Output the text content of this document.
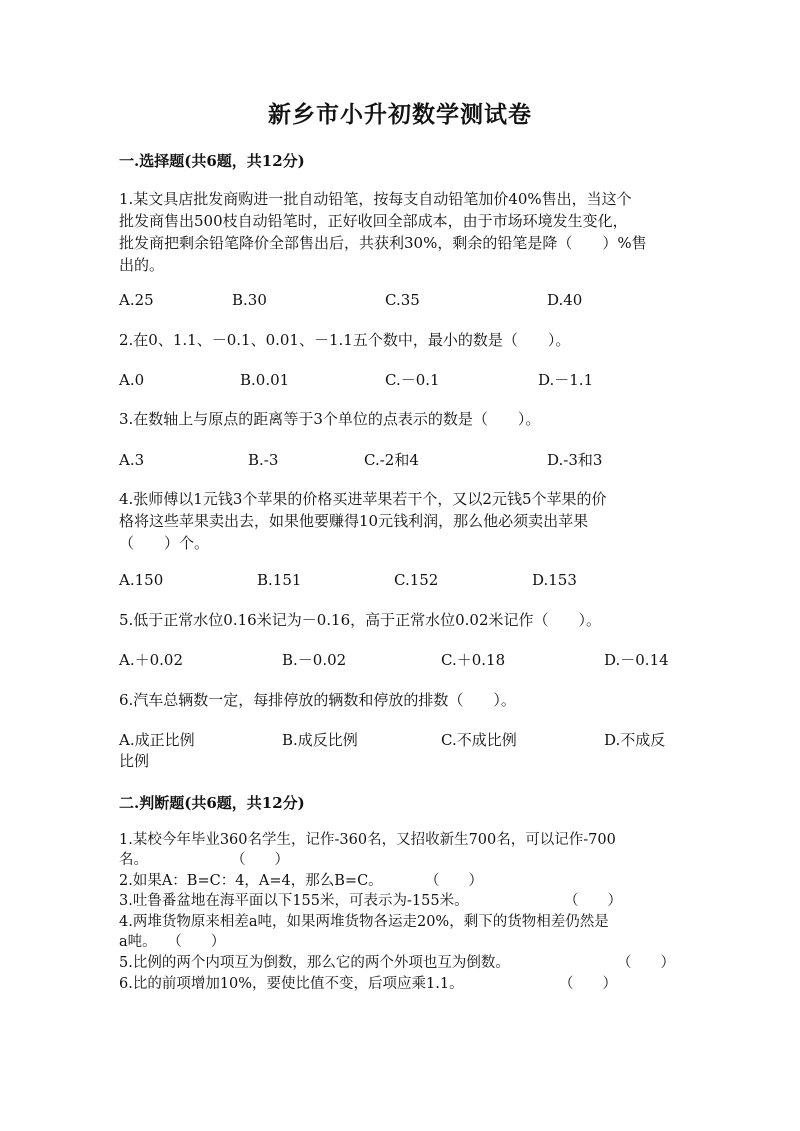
新乡市小升初数学测试卷
一.选择题(共6题，共12分)
1.某文具店批发商购进一批自动铅笔，按每支自动铅笔加价40%售出，当这个
批发商售出500枝自动铅笔时，正好收回全部成本，由于市场环境发生变化，
批发商把剩余铅笔降价全部售出后，共获利30%，剩余的铅笔是降（　　）%售
出的。
A.25	B.30	C.35	D.40
2.在0、1.1、－0.1、0.01、－1.1五个数中，最小的数是（　　）。
A.0	B.0.01	C.－0.1	D.－1.1
3.在数轴上与原点的距离等于3个单位的点表示的数是（　　）。
A.3	B.-3	C.-2和4	D.-3和3
4.张师傅以1元钱3个苹果的价格买进苹果若干个，又以2元钱5个苹果的价
格将这些苹果卖出去，如果他要赚得10元钱利润，那么他必须卖出苹果
（　　）个。
A.150	B.151	C.152	D.153
5.低于正常水位0.16米记为－0.16，高于正常水位0.02米记作（　　）。
A.＋0.02	B.－0.02	C.＋0.18	D.－0.14
6.汽车总辆数一定，每排停放的辆数和停放的排数（　　）。
A.成正比例	B.成反比例	C.不成比例	D.不成反
比例
二.判断题(共6题，共12分)
1.某校今年毕业360名学生，记作-360名，又招收新生700名，可以记作-700
名。	（　　）
2.如果A：B=C：4，A=4，那么B=C。	（　　）
3.吐鲁番盆地在海平面以下155米，可表示为-155米。	（　　）
4.两堆货物原来相差a吨，如果两堆货物各运走20%，剩下的货物相差仍然是
a吨。 （　　）
5.比例的两个内项互为倒数，那么它的两个外项也互为倒数。	（　　）
6.比的前项增加10%，要使比值不变，后项应乘1.1。	（　　）
